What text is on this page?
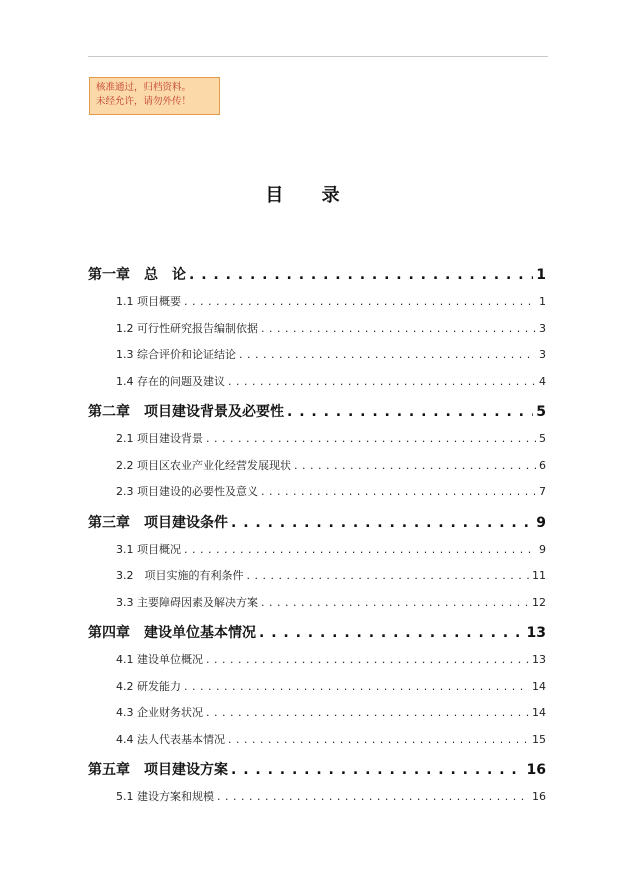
核准通过，归档资料。
未经允许，请勿外传！
目 录
第一章　总　论 . . .	1
1.1 项目概要 . . .	1
1.2 可行性研究报告编制依据 . . .	3
1.3 综合评价和论证结论 . . .	3
1.4 存在的问题及建议 . . .	4
第二章　项目建设背景及必要性 . . .	5
2.1 项目建设背景 . . .	5
2.2 项目区农业产业化经营发展现状 . . .	6
2.3 项目建设的必要性及意义 . . .	7
第三章　项目建设条件 . . .	9
3.1 项目概况 . . .	9
3.2　项目实施的有利条件 . . .	11
3.3 主要障碍因素及解决方案 . . .	12
第四章　建设单位基本情况 . . .	13
4.1 建设单位概况 . . .	13
4.2 研发能力 . . .	14
4.3 企业财务状况 . . .	14
4.4 法人代表基本情况 . . .	15
第五章　项目建设方案 . . .	16
5.1 建设方案和规模 . . .	16
